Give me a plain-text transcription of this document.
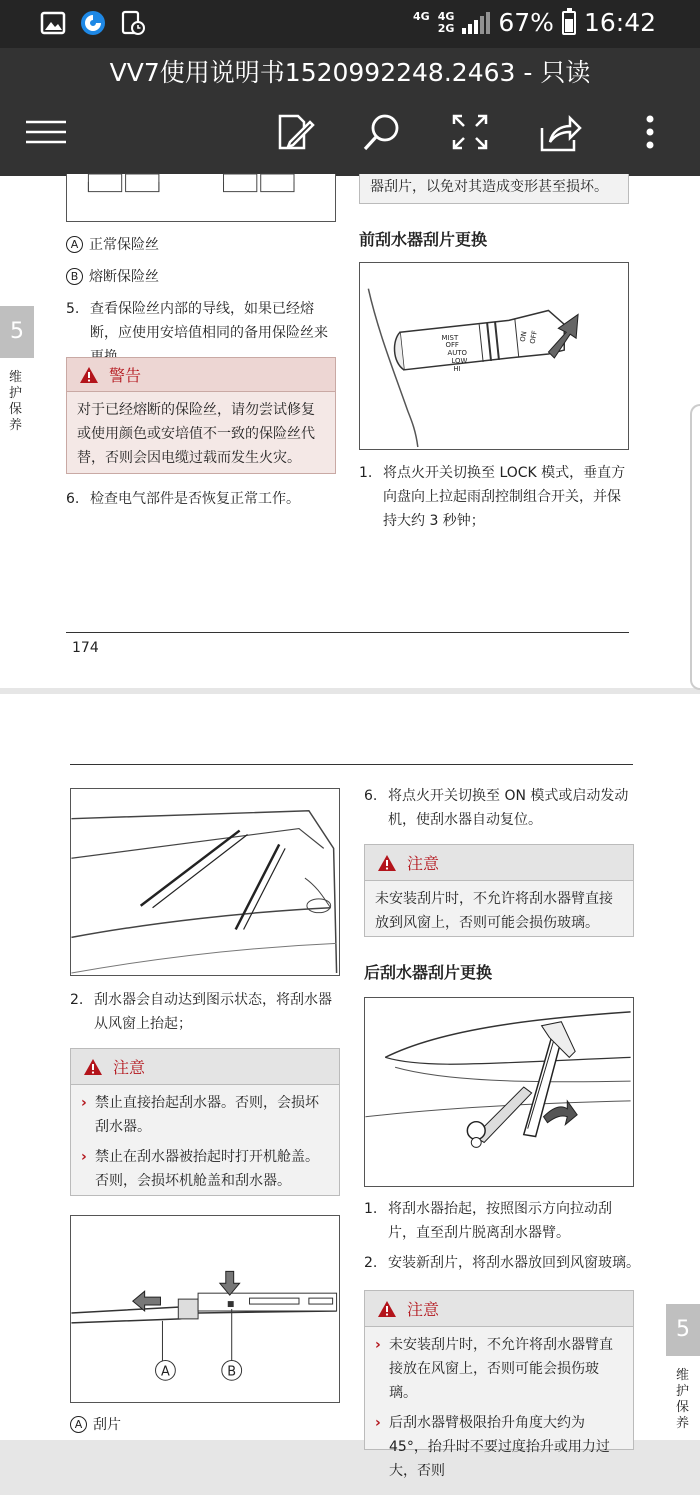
4G
4G
2G 67% 16:42
VV7使用说明书1520992248.2463 - 只读
A 正常保险丝
B 熔断保险丝
5. 查看保险丝内部的导线，如果已经熔断，应使用安培值相同的备用保险丝来
警告
对于已经熔断的保险丝，请勿尝试修复或使用颜色或安培值不一致的保险丝代替，否则会因电缆过载而发生火灾。
6. 检查电气部件是否恢复正常工作。
器刮片，以免对其造成变形甚至损坏。
前刮水器刮片更换
MIST
OFF
AUTO
LOW
HI
ON OFF
1. 将点火开关切换至 LOCK 模式，垂直方向盘向上拉起雨刮控制组合开关，并保持大约 3 秒钟；
174
5
维护保养
2. 刮水器会自动达到图示状态，将刮水器从风窗上抬起；
注意
› 禁止直接抬起刮水器。否则，会损坏刮水器。
› 禁止在刮水器被抬起时打开机舱盖。否则，会损坏机舱盖和刮水器。
A	B
A 刮片
6. 将点火开关切换至 ON 模式或启动发动机，使刮水器自动复位。
注意
未安装刮片时，不允许将刮水器臂直接放到风窗上，否则可能会损伤玻璃。
后刮水器刮片更换
1. 将刮水器抬起，按照图示方向拉动刮片，直至刮片脱离刮水器臂。
2. 安装新刮片，将刮水器放回到风窗玻璃。
注意
› 未安装刮片时，不允许将刮水器臂直接放在风窗上，否则可能会损伤玻璃。
› 后刮水器臂极限抬升角度大约为 45°，抬升时不要过度抬升或用力过大，否则
5
维护保养
